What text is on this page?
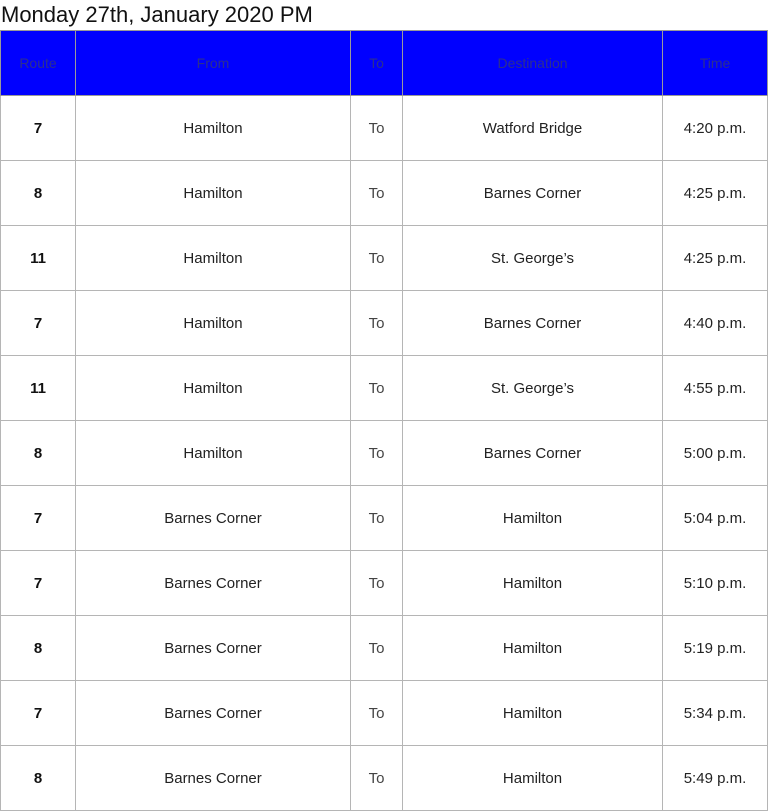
Monday 27th, January 2020 PM
Route	From	To	Destination	Time
7	Hamilton	To	Watford Bridge	4:20 p.m.
8	Hamilton	To	Barnes Corner	4:25 p.m.
11	Hamilton	To	St. George’s	4:25 p.m.
7	Hamilton	To	Barnes Corner	4:40 p.m.
11	Hamilton	To	St. George’s	4:55 p.m.
8	Hamilton	To	Barnes Corner	5:00 p.m.
7	Barnes Corner	To	Hamilton	5:04 p.m.
7	Barnes Corner	To	Hamilton	5:10 p.m.
8	Barnes Corner	To	Hamilton	5:19 p.m.
7	Barnes Corner	To	Hamilton	5:34 p.m.
8	Barnes Corner	To	Hamilton	5:49 p.m.
